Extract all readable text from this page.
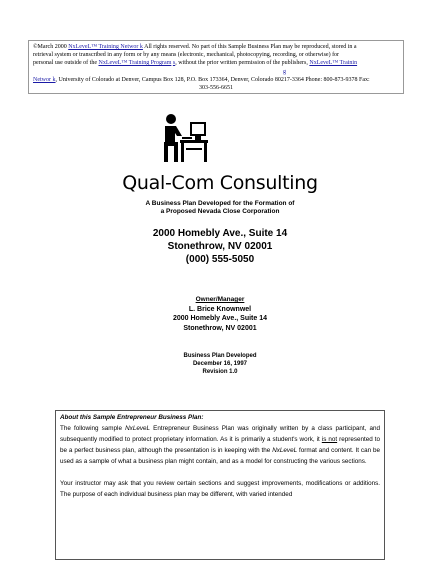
©March 2000 NxLeveL™ Training Networ k All rights reserved. No part of this Sample Business Plan may be reproduced, stored in a
retrieval system or transcribed in any form or by any means (electronic, mechanical, photocopying, recording, or otherwise) for
personal use outside of the NxLeveL™ Training Program s, without the prior written permission of the publishers, NxLeveL™ Trainin
g
Networ k, University of Colorado at Denver, Campus Box 128, P.O. Box 173364, Denver, Colorado 80217-3364 Phone: 800-873-9378 Fax:
303-556-6651
Qual-Com Consulting
A Business Plan Developed for the Formation of
a Proposed Nevada Close Corporation
2000 Homebly Ave., Suite 14
Stonethrow, NV 02001
(000) 555-5050
Owner/Manager
L. Brice Knownwel
2000 Homebly Ave., Suite 14
Stonethrow, NV 02001
Business Plan Developed
December 16, 1997
Revision 1.0
About this Sample Entrepreneur Business Plan:

The following sample NxLeveL Entrepreneur Business Plan was originally written by a class participant, and subsequently modified to protect proprietary information. As it is primarily a student's work, it is not represented to be a perfect business plan, although the presentation is in keeping with the NxLeveL format and content. It can be used as a sample of what a business plan might contain, and as a model for constructing the various sections.

Your instructor may ask that you review certain sections and suggest improvements, modifications or additions. The purpose of each individual business plan may be different, with varied intended
